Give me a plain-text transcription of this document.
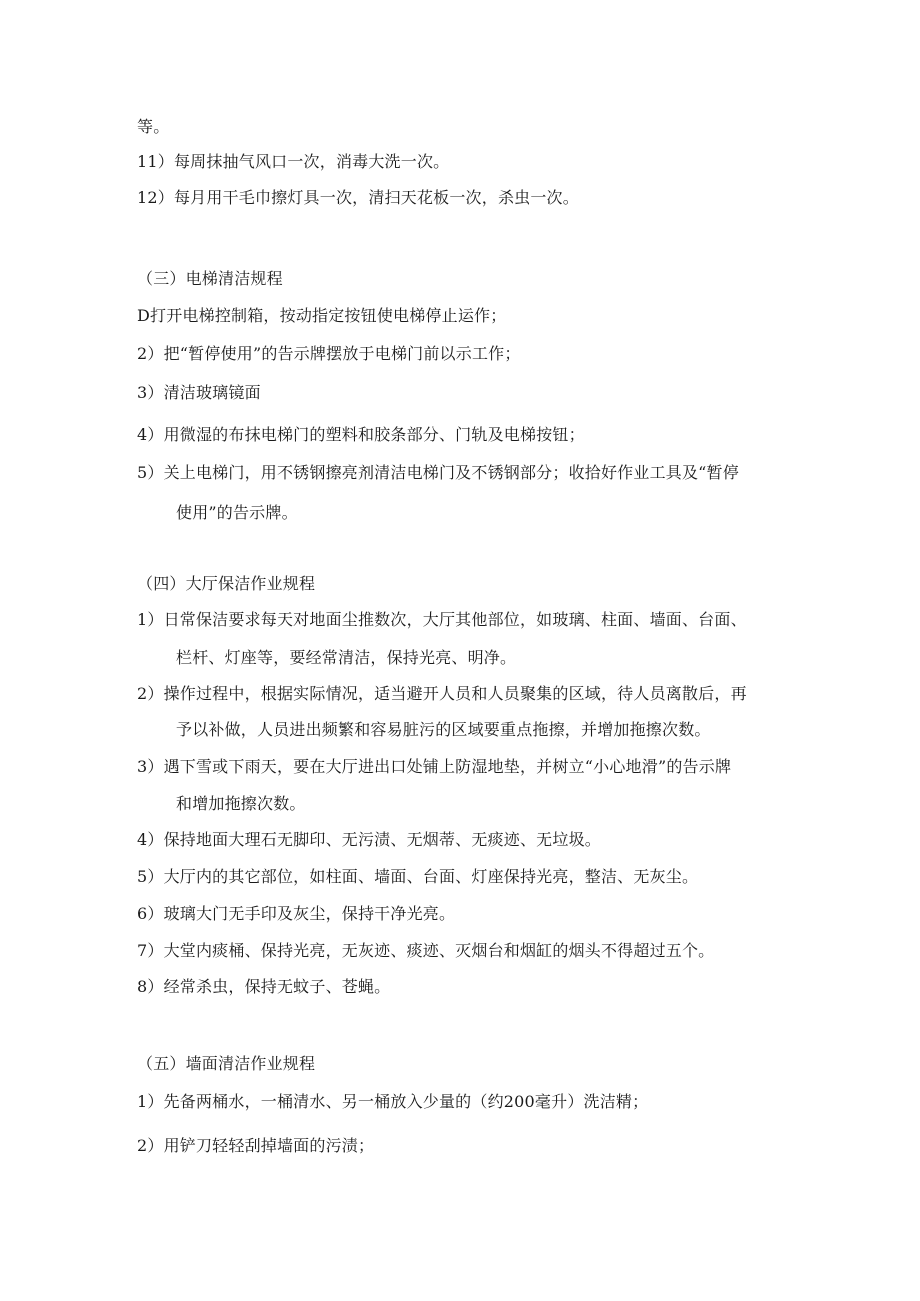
等。
11）每周抹抽气风口一次，消毒大洗一次。
12）每月用干毛巾擦灯具一次，清扫天花板一次，杀虫一次。
（三）电梯清洁规程
D打开电梯控制箱，按动指定按钮使电梯停止运作；
2）把“暂停使用”的告示牌摆放于电梯门前以示工作；
3）清洁玻璃镜面
4）用微湿的布抹电梯门的塑料和胶条部分、门轨及电梯按钮；
5）关上电梯门，用不锈钢擦亮剂清洁电梯门及不锈钢部分；收拾好作业工具及“暂停
使用”的告示牌。
（四）大厅保洁作业规程
1）日常保洁要求每天对地面尘推数次，大厅其他部位，如玻璃、柱面、墙面、台面、
栏杆、灯座等，要经常清洁，保持光亮、明净。
2）操作过程中，根据实际情况，适当避开人员和人员聚集的区域，待人员离散后，再
予以补做，人员进出频繁和容易脏污的区域要重点拖擦，并增加拖擦次数。
3）遇下雪或下雨天，要在大厅进出口处铺上防湿地垫，并树立“小心地滑”的告示牌
和增加拖擦次数。
4）保持地面大理石无脚印、无污渍、无烟蒂、无痰迹、无垃圾。
5）大厅内的其它部位，如柱面、墙面、台面、灯座保持光亮，整洁、无灰尘。
6）玻璃大门无手印及灰尘，保持干净光亮。
7）大堂内痰桶、保持光亮，无灰迹、痰迹、灭烟台和烟缸的烟头不得超过五个。
8）经常杀虫，保持无蚊子、苍蝇。
（五）墙面清洁作业规程
1）先备两桶水，一桶清水、另一桶放入少量的（约200毫升）洗洁精；
2）用铲刀轻轻刮掉墙面的污渍；
